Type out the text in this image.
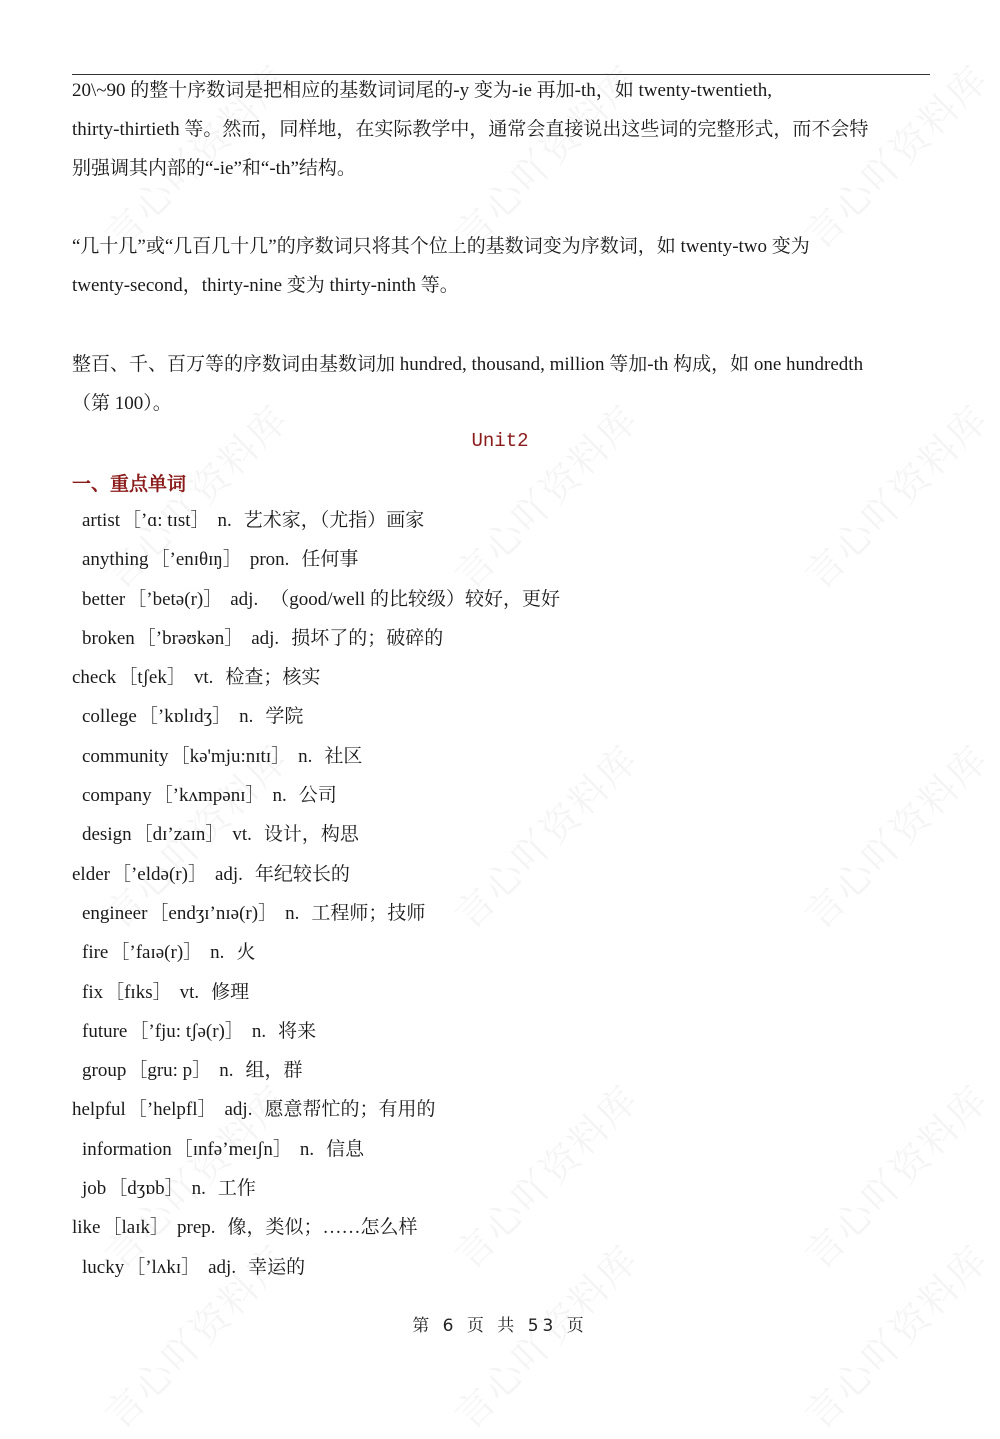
20\~90 的整十序数词是把相应的基数词词尾的-y 变为-ie 再加-th，如 twenty-twentieth,
thirty-thirtieth 等。然而，同样地，在实际教学中，通常会直接说出这些词的完整形式，而不会特
别强调其内部的“-ie”和“-th”结构。
“几十几”或“几百几十几”的序数词只将其个位上的基数词变为序数词，如 twenty-two 变为
twenty-second，thirty-nine 变为 thirty-ninth 等。
整百、千、百万等的序数词由基数词加 hundred, thousand, million 等加-th 构成，如 one hundredth
（第 100）。
Unit2
一、重点单词
artist ［’ɑ: tɪst］ n. 艺术家，（尤指）画家
anything ［’enɪθɪŋ］ pron. 任何事
better ［’betə(r)］ adj. （good/well 的比较级）较好，更好
broken ［’brəʊkən］ adj. 损坏了的；破碎的
check ［tʃek］ vt. 检查；核实
college ［’kɒlɪdʒ］ n. 学院
community ［kə'mju:nɪtɪ］ n. 社区
company ［’kʌmpənɪ］ n. 公司
design ［dɪ’zaɪn］ vt. 设计，构思
elder ［’eldə(r)］ adj. 年纪较长的
engineer ［endʒɪ’nɪə(r)］ n. 工程师；技师
fire ［’faɪə(r)］ n. 火
fix ［fɪks］ vt. 修理
future ［’fju: tʃə(r)］ n. 将来
group ［gru: p］ n. 组，群
helpful ［’helpfl］ adj. 愿意帮忙的；有用的
information ［ɪnfə’meɪʃn］ n. 信息
job ［dʒɒb］ n. 工作
like ［laɪk］ prep. 像，类似；……怎么样
lucky ［’lʌkɪ］ adj. 幸运的
第 6 页 共 53 页
